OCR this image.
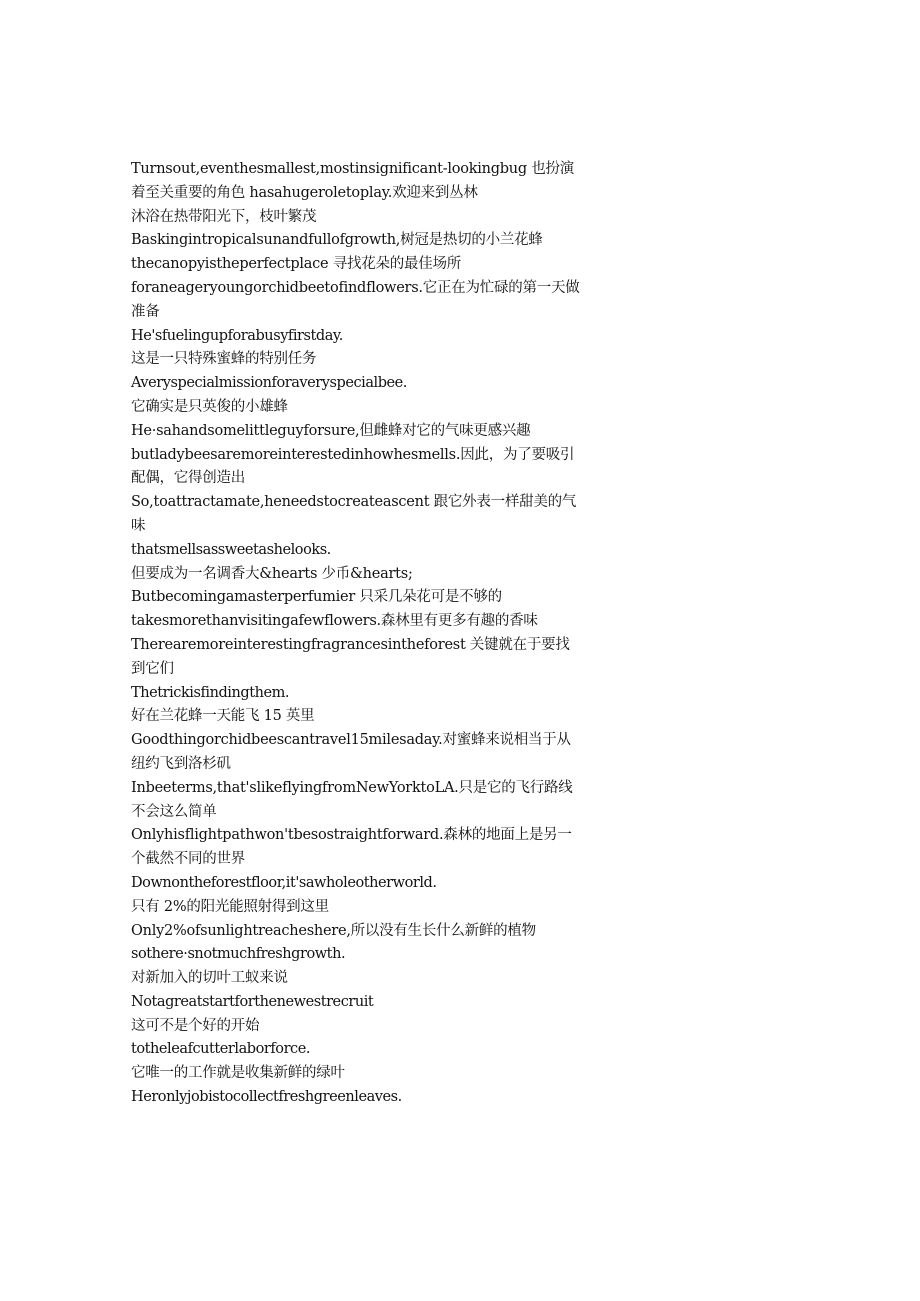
Turnsout,eventhesmallest,mostinsignificant-lookingbug 也扮演着至关重要的角色 hasahugeroletoplay.欢迎来到丛林
沐浴在热带阳光下，枝叶繁茂
Baskingintropicalsunandfullofgrowth,树冠是热切的小兰花蜂
thecanopyistheperfectplace 寻找花朵的最佳场所
foraneageryoungorchidbeetofindflowers.它正在为忙碌的第一天做准备
He'sfuelingupforabusyfirstday.
这是一只特殊蜜蜂的特别任务
Averyspecialmissionforaveryspecialbee.
它确实是只英俊的小雄蜂
He·sahandsomelittleguyforsure,但雌蜂对它的气味更感兴趣
butladybeesaremoreinterestedinhowhesmells.因此，为了要吸引配偶，它得创造出
So,toattractamate,heneedstocreateascent 跟它外表一样甜美的气味
thatsmellsassweetashelooks.
但要成为一名调香大&hearts 少币&hearts;
Butbecomingamasterperfumier 只采几朵花可是不够的
takesmorethanvisitingafewflowers.森林里有更多有趣的香味
Therearemoreinterestingfragrancesintheforest 关键就在于要找到它们
Thetrickisfindingthem.
好在兰花蜂一天能飞 15 英里
Goodthingorchidbeescantravel15milesaday.对蜜蜂来说相当于从纽约飞到洛杉矶
Inbeeterms,that'slikeflyingfromNewYorktoLA.只是它的飞行路线不会这么简单
Onlyhisflightpathwon'tbesostraightforward.森林的地面上是另一个截然不同的世界
Downontheforestfloor,it'sawholeotherworld.
只有 2%的阳光能照射得到这里
Only2%ofsunlightreacheshere,所以没有生长什么新鲜的植物
sothere·snotmuchfreshgrowth.
对新加入的切叶工蚁来说
Notagreatstartforthenewestrecruit
这可不是个好的开始
totheleafcutterlaborforce.
它唯一的工作就是收集新鲜的绿叶
Heronlyjobistocollectfreshgreenleaves.
